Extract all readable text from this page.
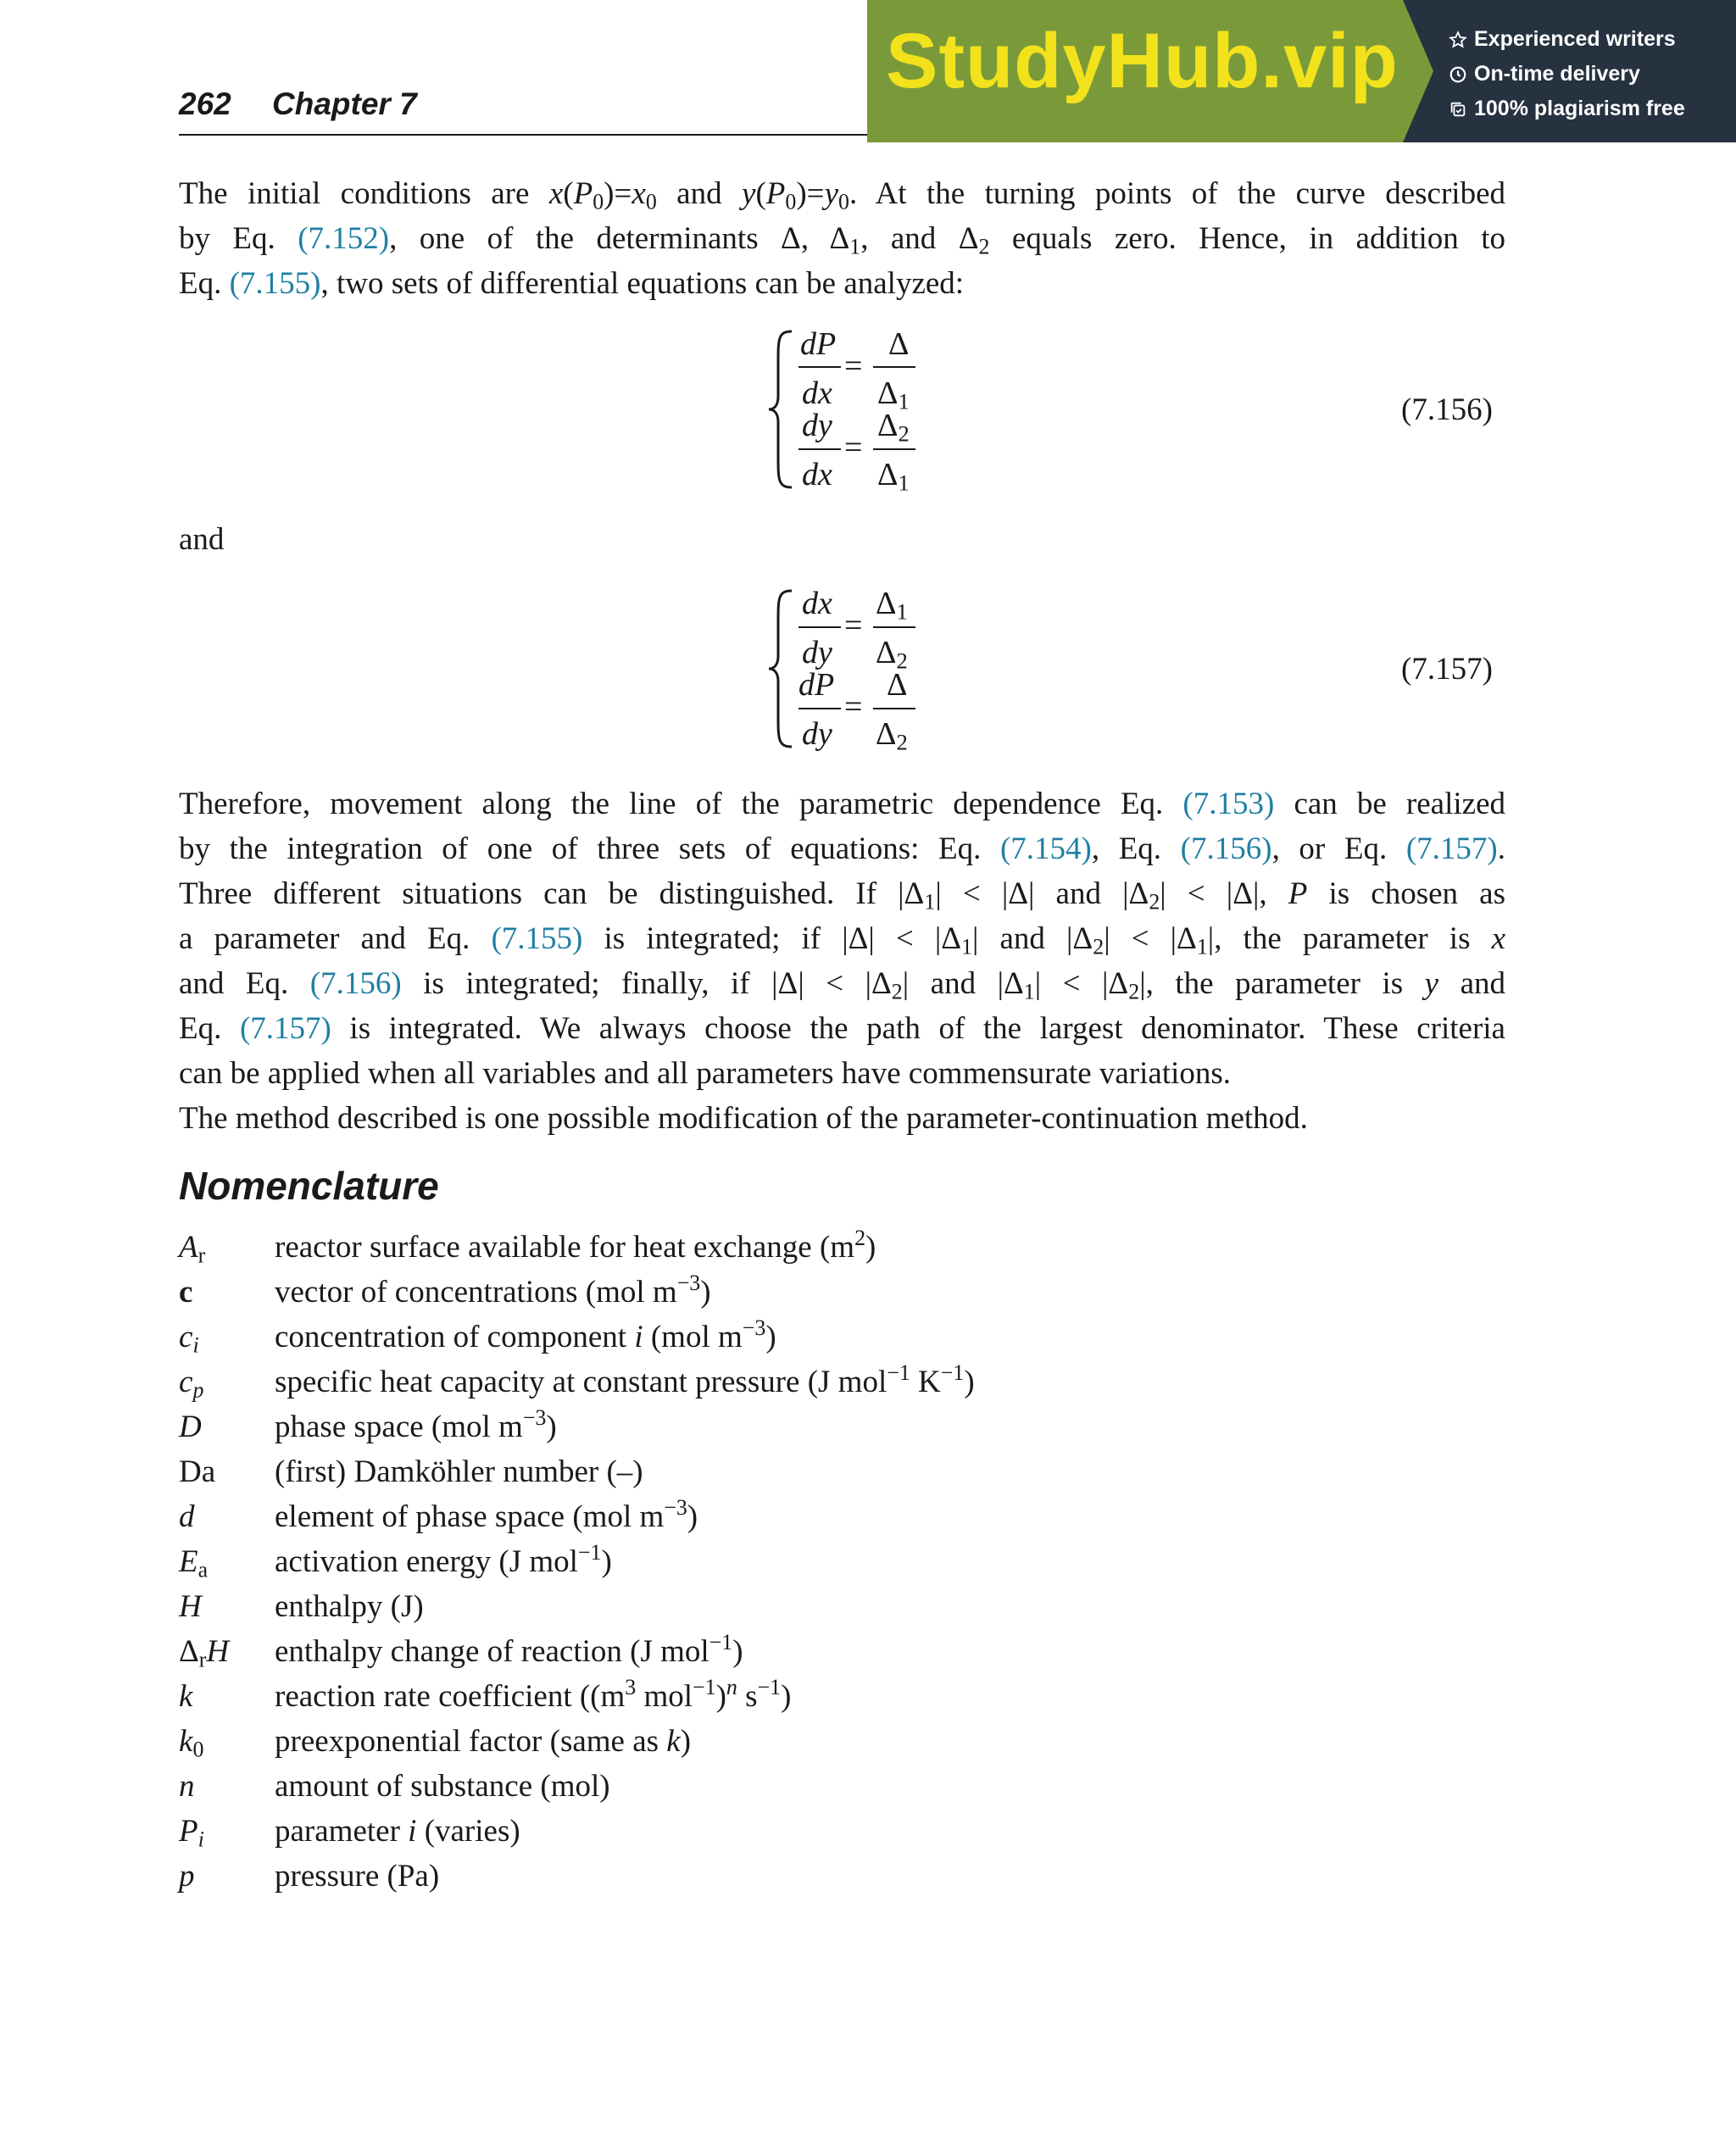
262 Chapter 7	StudyHub.vip	Experienced writers
On-time delivery
100% plagiarism free
The initial conditions are $x(P_0)=x_0$ and $y(P_0)=y_0$. At the turning points of the curve described
by Eq. (7.152), one of the determinants Δ, $\Delta_1$, and $\Delta_2$ equals zero. Hence, in addition to
Eq. (7.155), two sets of differential equations can be analyzed:
dP
dx
=
Δ
$\Delta_1$
dy
dx
=
$\Delta_2$
$\Delta_1$
(7.156)
and
dx
dy
=
$\Delta_1$
$\Delta_2$
dP
dy
=
Δ
$\Delta_2$
(7.157)
Therefore, movement along the line of the parametric dependence Eq. (7.153) can be realized
by the integration of one of three sets of equations: Eq. (7.154), Eq. (7.156), or Eq. (7.157).
Three different situations can be distinguished. If $|\Delta_1| < |\Delta|$ and $|\Delta_2| < |\Delta|$, P is chosen as
a parameter and Eq. (7.155) is integrated; if $|\Delta| < |\Delta_1|$ and $|\Delta_2| < |\Delta_1|$, the parameter is x
and Eq. (7.156) is integrated; finally, if $|\Delta| < |\Delta_2|$ and $|\Delta_1| < |\Delta_2|$, the parameter is y and
Eq. (7.157) is integrated. We always choose the path of the largest denominator. These criteria
can be applied when all variables and all parameters have commensurate variations.
The method described is one possible modification of the parameter-continuation method.
Nomenclature
$A_r$ reactor surface available for heat exchange $(m^2)$
c	vector of concentrations (mol $m^{-3}$)
$c_i$ concentration of component i (mol $m^{-3}$)
$c_p$ specific heat capacity at constant pressure (J mol$^{-1}$ $K^{-1}$)
D phase space (mol $m^{-3}$)
Da (first) Damköhler number (–)
d	element of phase space (mol $m^{-3}$)
$E_a$ activation energy (J mol$^{-1}$)
H enthalpy (J)
$\Delta_rH$ enthalpy change of reaction (J mol$^{-1}$)
k	reaction rate coefficient (($m^3$ mol$^{-1}$)$^n$ $s^{-1}$)
$k_0$ preexponential factor (same as k)
n	amount of substance (mol)
$P_i$ parameter i (varies)
p	pressure (Pa)
